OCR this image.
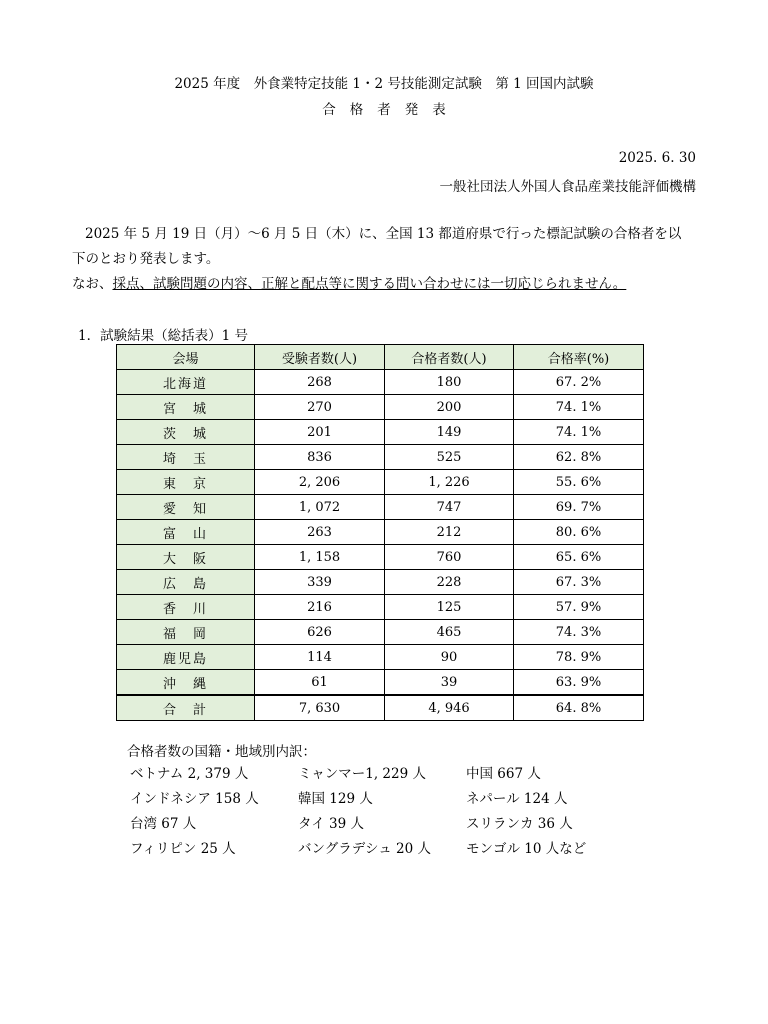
2025 年度　外食業特定技能 1・2 号技能測定試験　第 1 回国内試験
合格者発表
2025. 6. 30
一般社団法人外国人食品産業技能評価機構

2025 年 5 月 19 日（月）～6 月 5 日（木）に、全国 13 都道府県で行った標記試験の合格者を以下のとおり発表します。

なお、採点、試験問題の内容、正解と配点等に関する問い合わせには一切応じられません。

1．試験結果（総括表）1 号
会場	受験者数(人)	合格者数(人)	合格率(%)
北海道	268	180	67. 2%
宮　城	270	200	74. 1%
茨　城	201	149	74. 1%
埼　玉	836	525	62. 8%
東　京	2, 206	1, 226	55. 6%
愛　知	1, 072	747	69. 7%
富　山	263	212	80. 6%
大　阪	1, 158	760	65. 6%
広　島	339	228	67. 3%
香　川	216	125	57. 9%
福　岡	626	465	74. 3%
鹿児島	114	90	78. 9%
沖　縄	61	39	63. 9%
合　計	7, 630	4, 946	64. 8%
合格者数の国籍・地域別内訳：
ベトナム 2, 379 人	ミャンマー1, 229 人	中国 667 人
インドネシア 158 人	韓国 129 人	ネパール 124 人
台湾 67 人	タイ 39 人	スリランカ 36 人
フィリピン 25 人	バングラデシュ 20 人	モンゴル 10 人など
